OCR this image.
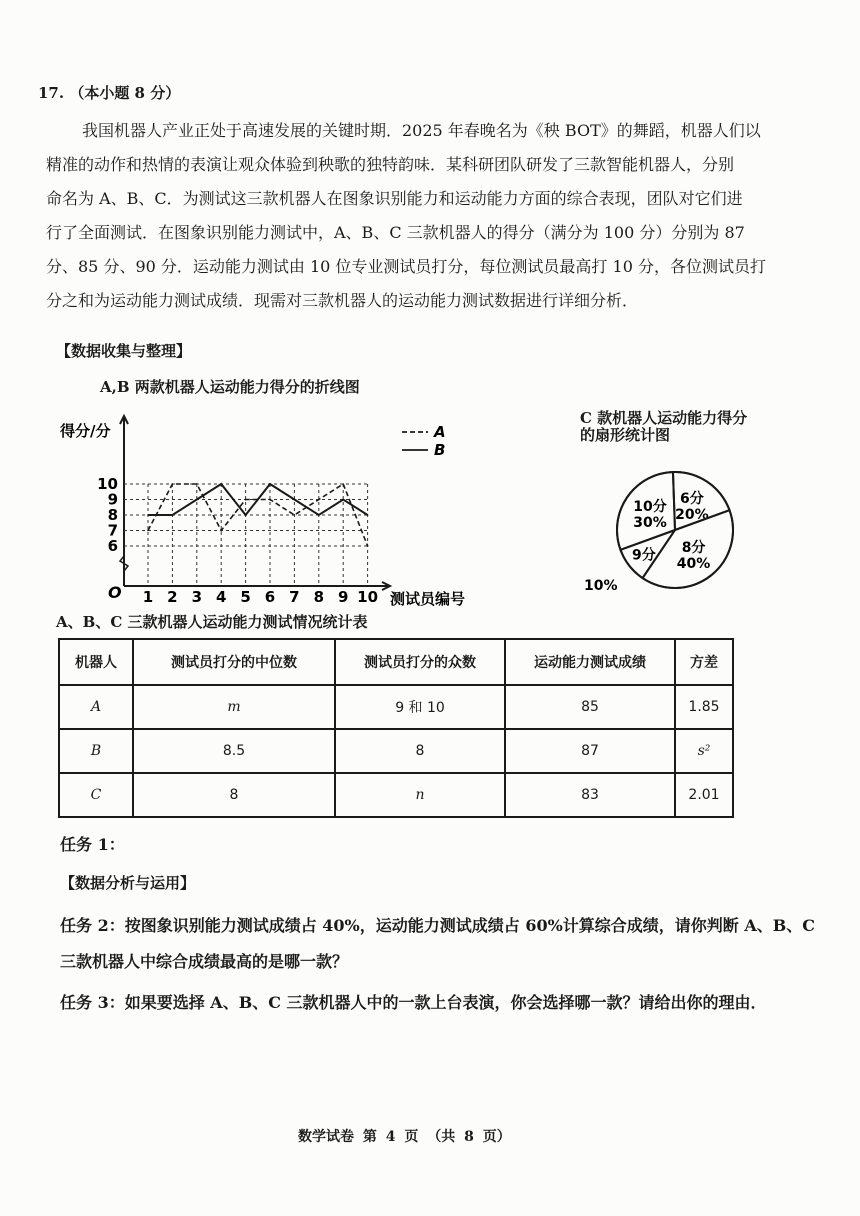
17. （本小题 8 分）

我国机器人产业正处于高速发展的关键时期．2025 年春晚名为《秧 BOT》的舞蹈，机器人们以

精准的动作和热情的表演让观众体验到秧歌的独特韵味．某科研团队研发了三款智能机器人，分别

命名为 A、B、C．为测试这三款机器人在图象识别能力和运动能力方面的综合表现，团队对它们进

行了全面测试．在图象识别能力测试中，A、B、C 三款机器人的得分（满分为 100 分）分别为 87

分、85 分、90 分．运动能力测试由 10 位专业测试员打分，每位测试员最高打 10 分，各位测试员打

分之和为运动能力测试成绩．现需对三款机器人的运动能力测试数据进行详细分析．

【数据收集与整理】
A,B 两款机器人运动能力得分的折线图
得分/分
O
6
7
8
9
10
1 2 3 4 5 6 7 8 9 10 测试员编号
A
B
C 款机器人运动能力得分
的扇形统计图
6分
20%
8分
40%
9分
10%
10分
30%
A、B、C 三款机器人运动能力测试情况统计表
机器人	测试员打分的中位数	测试员打分的众数	运动能力测试成绩	方差
A	m	9 和 10	85	1.85
B	8.5	8	87	s²
C	8	n	83	2.01
任务 1：
【数据分析与运用】
任务 2：按图象识别能力测试成绩占 40%，运动能力测试成绩占 60%计算综合成绩，请你判断 A、B、C 三款机器人中综合成绩最高的是哪一款？
任务 3：如果要选择 A、B、C 三款机器人中的一款上台表演，你会选择哪一款？请给出你的理由．
数学试卷 第 4 页 （共 8 页）
